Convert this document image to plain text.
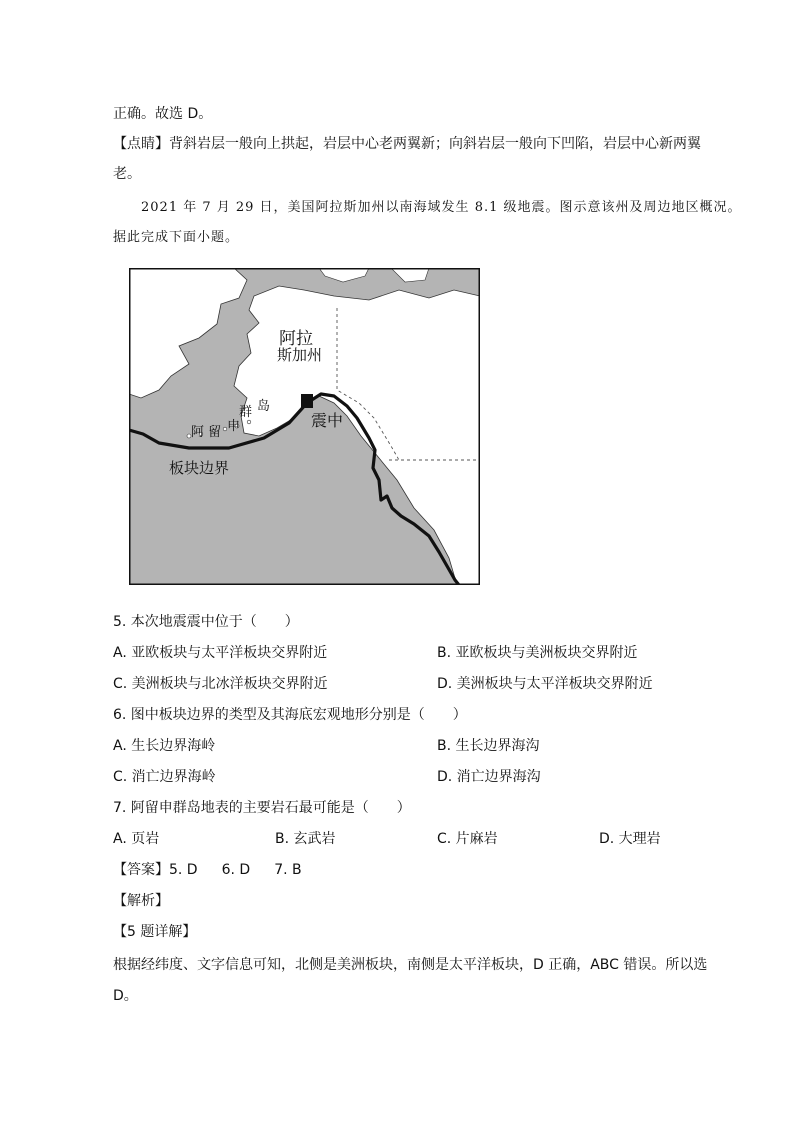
正确。故选 D。
【点睛】背斜岩层一般向上拱起，岩层中心老两翼新；向斜岩层一般向下凹陷，岩层中心新两翼
老。
2021 年 7 月 29 日，美国阿拉斯加州以南海域发生 8.1 级地震。图示意该州及周边地区概况。
据此完成下面小题。
阿拉
斯加州
阿 留 申
群 岛
震中
板块边界
5. 本次地震震中位于（　　）
A. 亚欧板块与太平洋板块交界附近	B. 亚欧板块与美洲板块交界附近
C. 美洲板块与北冰洋板块交界附近	D. 美洲板块与太平洋板块交界附近
6. 图中板块边界的类型及其海底宏观地形分别是（　　）
A. 生长边界海岭	B. 生长边界海沟
C. 消亡边界海岭	D. 消亡边界海沟
7. 阿留申群岛地表的主要岩石最可能是（　　）
A. 页岩	B. 玄武岩	C. 片麻岩	D. 大理岩
【答案】5. D 6. D 7. B
【解析】
【5 题详解】
根据经纬度、文字信息可知，北侧是美洲板块，南侧是太平洋板块，D 正确，ABC 错误。所以选
D。
